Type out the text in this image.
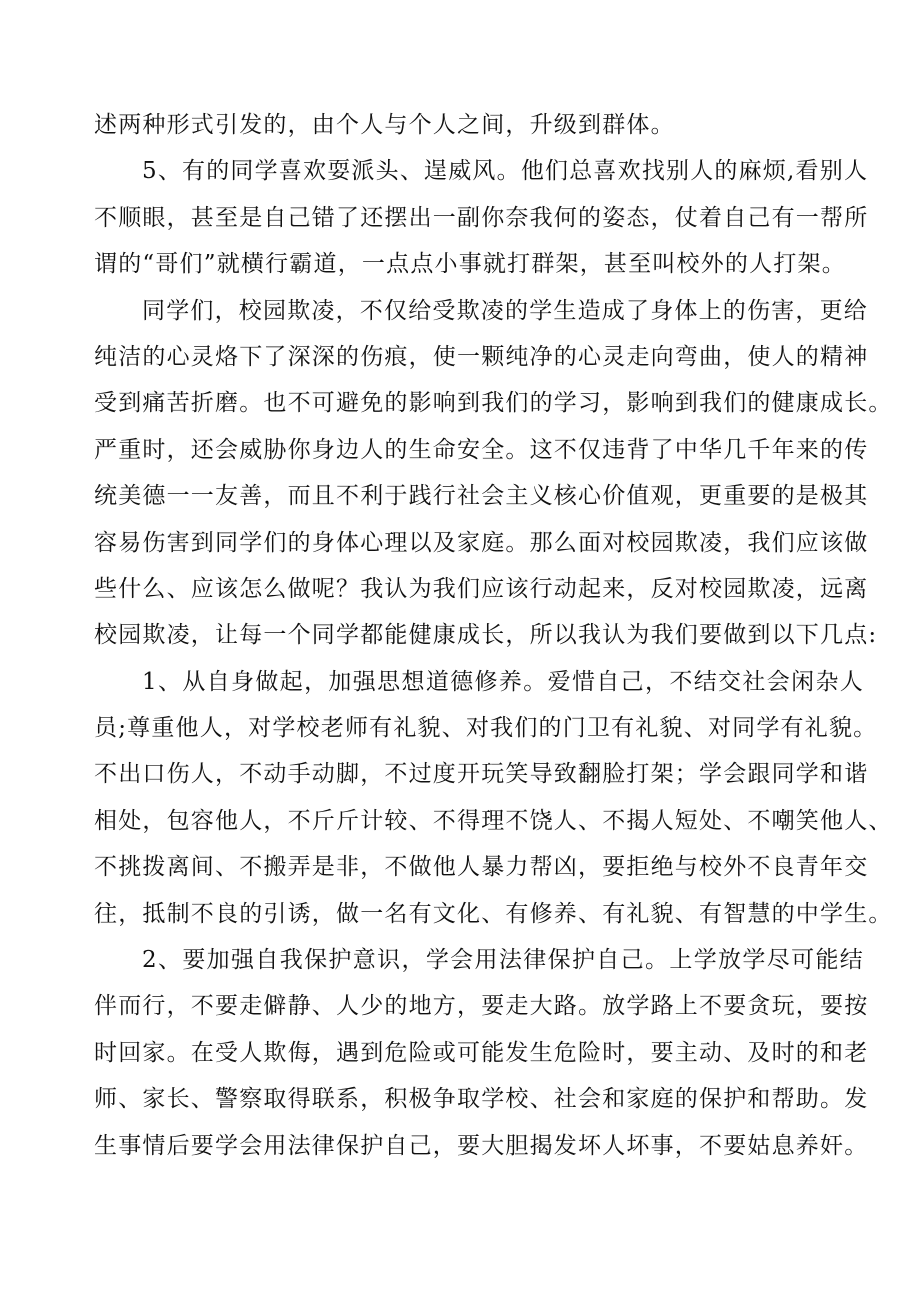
述两种形式引发的，由个人与个人之间，升级到群体。
5、有的同学喜欢耍派头、逞威风。他们总喜欢找别人的麻烦,看别人
不顺眼，甚至是自己错了还摆出一副你奈我何的姿态，仗着自己有一帮所
谓的“哥们”就横行霸道，一点点小事就打群架，甚至叫校外的人打架。
同学们，校园欺凌，不仅给受欺凌的学生造成了身体上的伤害，更给
纯洁的心灵烙下了深深的伤痕，使一颗纯净的心灵走向弯曲，使人的精神
受到痛苦折磨。也不可避免的影响到我们的学习，影响到我们的健康成长。
严重时，还会威胁你身边人的生命安全。这不仅违背了中华几千年来的传
统美德一一友善，而且不利于践行社会主义核心价值观，更重要的是极其
容易伤害到同学们的身体心理以及家庭。那么面对校园欺凌，我们应该做
些什么、应该怎么做呢？我认为我们应该行动起来，反对校园欺凌，远离
校园欺凌，让每一个同学都能健康成长，所以我认为我们要做到以下几点:
1、从自身做起，加强思想道德修养。爱惜自己，不结交社会闲杂人
员;尊重他人，对学校老师有礼貌、对我们的门卫有礼貌、对同学有礼貌。
不出口伤人，不动手动脚，不过度开玩笑导致翻脸打架；学会跟同学和谐
相处，包容他人，不斤斤计较、不得理不饶人、不揭人短处、不嘲笑他人、
不挑拨离间、不搬弄是非，不做他人暴力帮凶，要拒绝与校外不良青年交
往，抵制不良的引诱，做一名有文化、有修养、有礼貌、有智慧的中学生。
2、要加强自我保护意识，学会用法律保护自己。上学放学尽可能结
伴而行，不要走僻静、人少的地方，要走大路。放学路上不要贪玩，要按
时回家。在受人欺侮，遇到危险或可能发生危险时，要主动、及时的和老
师、家长、警察取得联系，积极争取学校、社会和家庭的保护和帮助。发
生事情后要学会用法律保护自己，要大胆揭发坏人坏事，不要姑息养奸。
